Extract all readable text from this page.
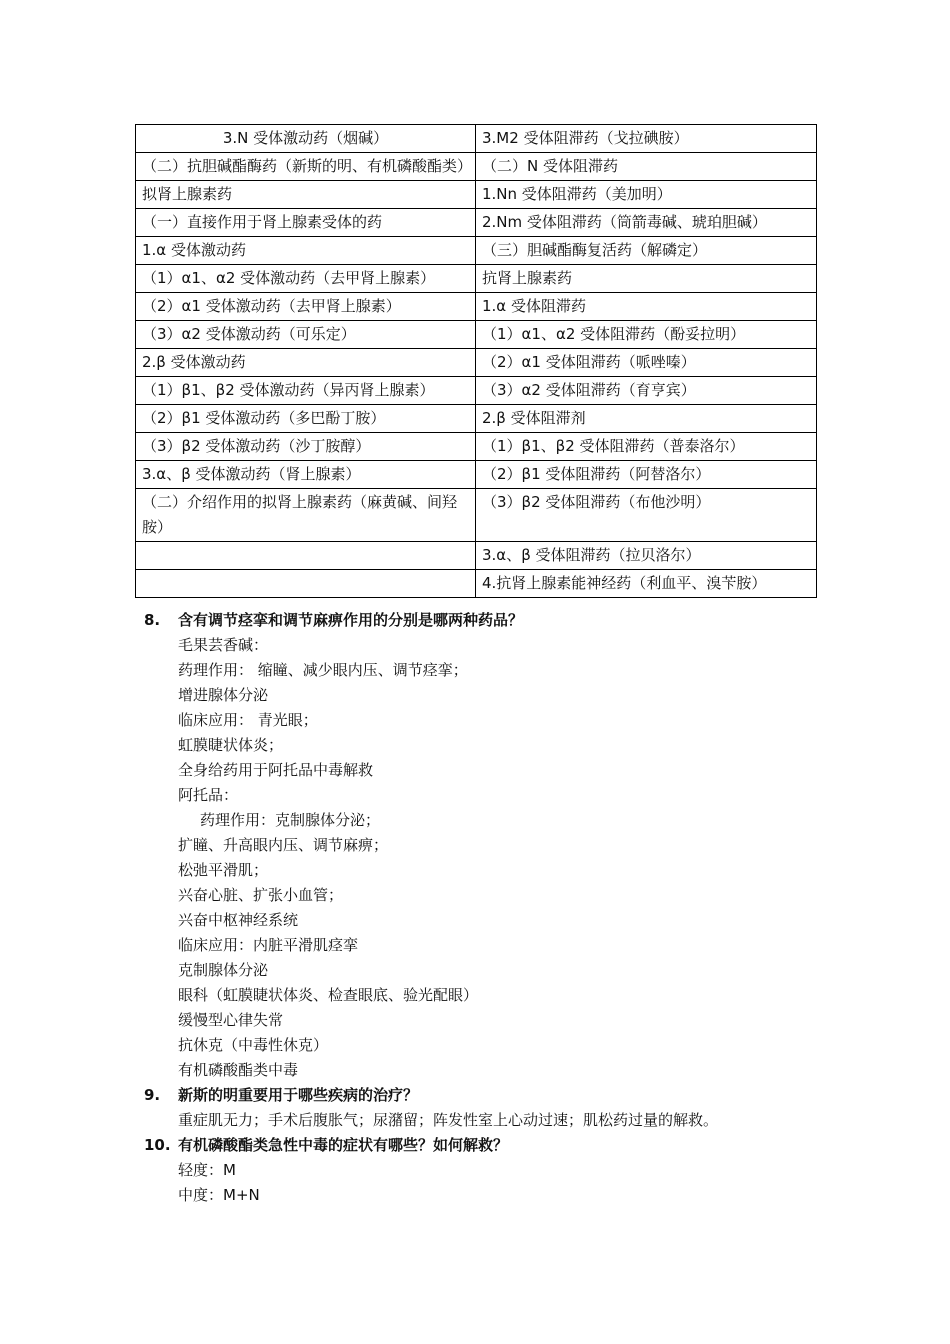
3.N 受体激动药（烟碱）	3.M2 受体阻滞药（戈拉碘胺）
（二）抗胆碱酯酶药（新斯的明、有机磷酸酯类）	（二）N 受体阻滞药
拟肾上腺素药	1.Nn 受体阻滞药（美加明）
（一）直接作用于肾上腺素受体的药	2.Nm 受体阻滞药（筒箭毒碱、琥珀胆碱）
1.α 受体激动药	（三）胆碱酯酶复活药（解磷定）
（1）α1、α2 受体激动药（去甲肾上腺素）	抗肾上腺素药
（2）α1 受体激动药（去甲肾上腺素）	1.α 受体阻滞药
（3）α2 受体激动药（可乐定）	（1）α1、α2 受体阻滞药（酚妥拉明）
2.β 受体激动药	（2）α1 受体阻滞药（哌唑嗪）
（1）β1、β2 受体激动药（异丙肾上腺素）	（3）α2 受体阻滞药（育亨宾）
（2）β1 受体激动药（多巴酚丁胺）	2.β 受体阻滞剂
（3）β2 受体激动药（沙丁胺醇）	（1）β1、β2 受体阻滞药（普泰洛尔）
3.α、β 受体激动药（肾上腺素）	（2）β1 受体阻滞药（阿替洛尔）
（二）介绍作用的拟肾上腺素药（麻黄碱、间羟胺）	（3）β2 受体阻滞药（布他沙明）
	3.α、β 受体阻滞药（拉贝洛尔）
	4.抗肾上腺素能神经药（利血平、溴苄胺）
8. 含有调节痉挛和调节麻痹作用的分别是哪两种药品？
毛果芸香碱：
药理作用： 缩瞳、减少眼内压、调节痉挛；
增进腺体分泌
临床应用： 青光眼；
虹膜睫状体炎；
全身给药用于阿托品中毒解救
阿托品：
药理作用：克制腺体分泌；
扩瞳、升高眼内压、调节麻痹；
松弛平滑肌；
兴奋心脏、扩张小血管；
兴奋中枢神经系统
临床应用：内脏平滑肌痉挛
克制腺体分泌
眼科（虹膜睫状体炎、检查眼底、验光配眼）
缓慢型心律失常
抗休克（中毒性休克）
有机磷酸酯类中毒
9. 新斯的明重要用于哪些疾病的治疗？
重症肌无力；手术后腹胀气；尿潴留；阵发性室上心动过速；肌松药过量的解救。
10. 有机磷酸酯类急性中毒的症状有哪些？如何解救？
轻度：M
中度：M+N
